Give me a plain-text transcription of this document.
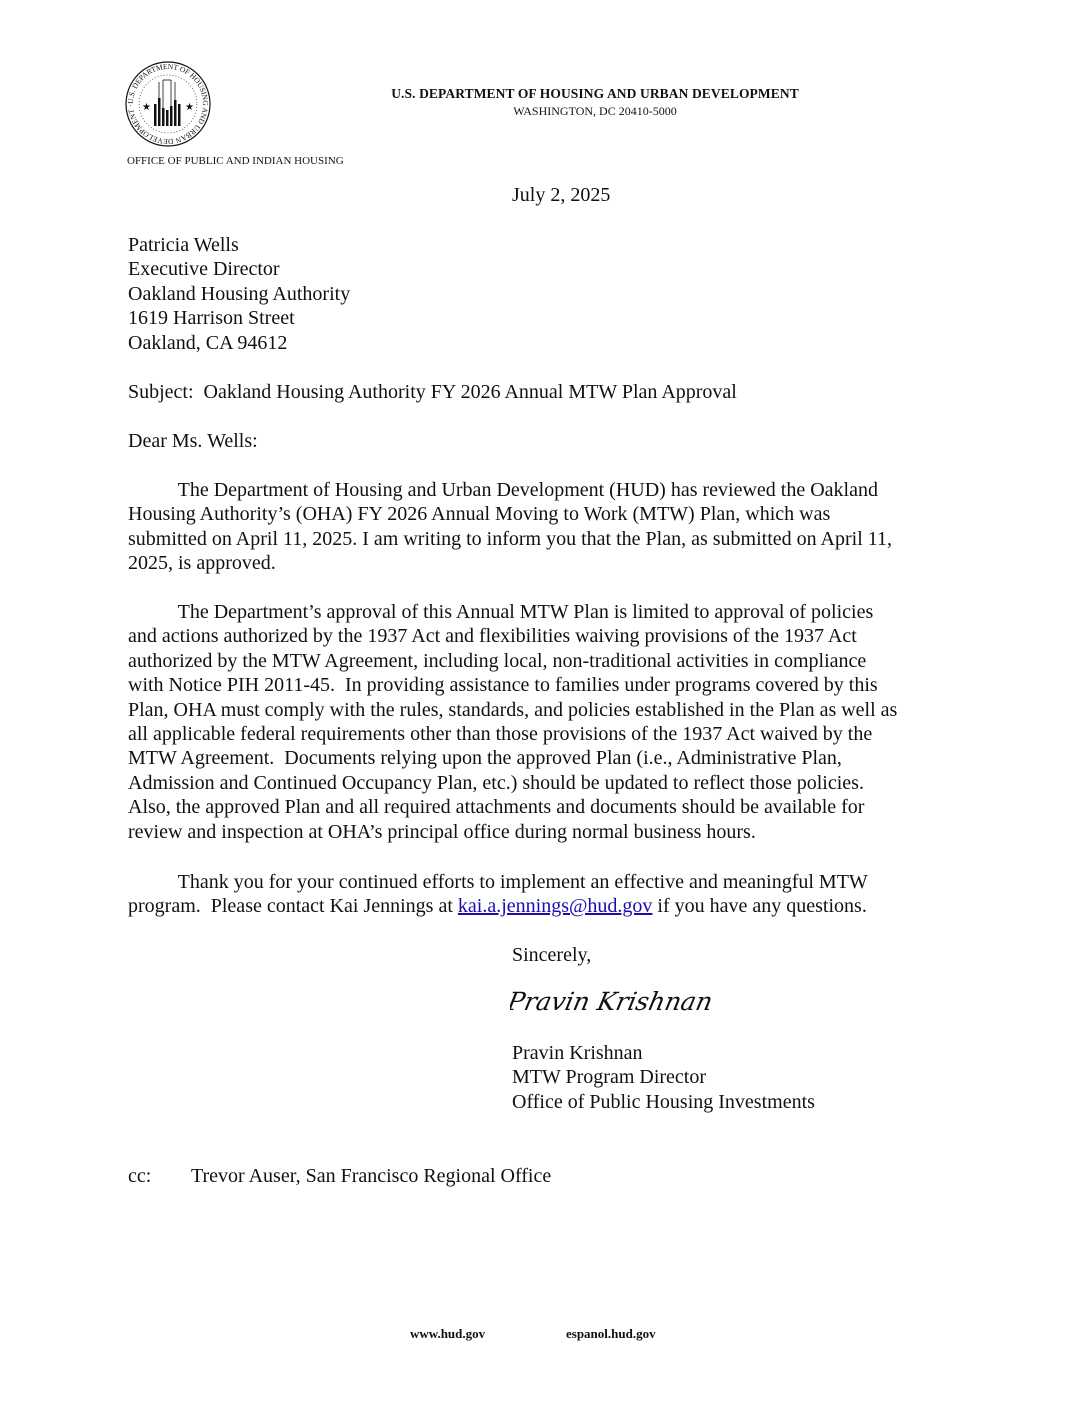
U.S. DEPARTMENT OF HOUSING AND URBAN DEVELOPMENT · ★	★
U.S. DEPARTMENT OF HOUSING AND URBAN DEVELOPMENT
WASHINGTON, DC 20410-5000
OFFICE OF PUBLIC AND INDIAN HOUSING
July 2, 2025
Patricia Wells
Executive Director
Oakland Housing Authority
1619 Harrison Street
Oakland, CA 94612
Subject:  Oakland Housing Authority FY 2026 Annual MTW Plan Approval
Dear Ms. Wells:
The Department of Housing and Urban Development (HUD) has reviewed the Oakland
Housing Authority’s (OHA) FY 2026 Annual Moving to Work (MTW) Plan, which was
submitted on April 11, 2025. I am writing to inform you that the Plan, as submitted on April 11,
2025, is approved.
The Department’s approval of this Annual MTW Plan is limited to approval of policies
and actions authorized by the 1937 Act and flexibilities waiving provisions of the 1937 Act
authorized by the MTW Agreement, including local, non-traditional activities in compliance
with Notice PIH 2011-45.  In providing assistance to families under programs covered by this
Plan, OHA must comply with the rules, standards, and policies established in the Plan as well as
all applicable federal requirements other than those provisions of the 1937 Act waived by the
MTW Agreement.  Documents relying upon the approved Plan (i.e., Administrative Plan,
Admission and Continued Occupancy Plan, etc.) should be updated to reflect those policies.
Also, the approved Plan and all required attachments and documents should be available for
review and inspection at OHA’s principal office during normal business hours.
Thank you for your continued efforts to implement an effective and meaningful MTW
program.  Please contact Kai Jennings at kai.a.jennings@hud.gov if you have any questions.
Sincerely,
Pravin Krishnan
Pravin Krishnan
MTW Program Director
Office of Public Housing Investments
cc: Trevor Auser, San Francisco Regional Office
www.hud.gov	espanol.hud.gov
